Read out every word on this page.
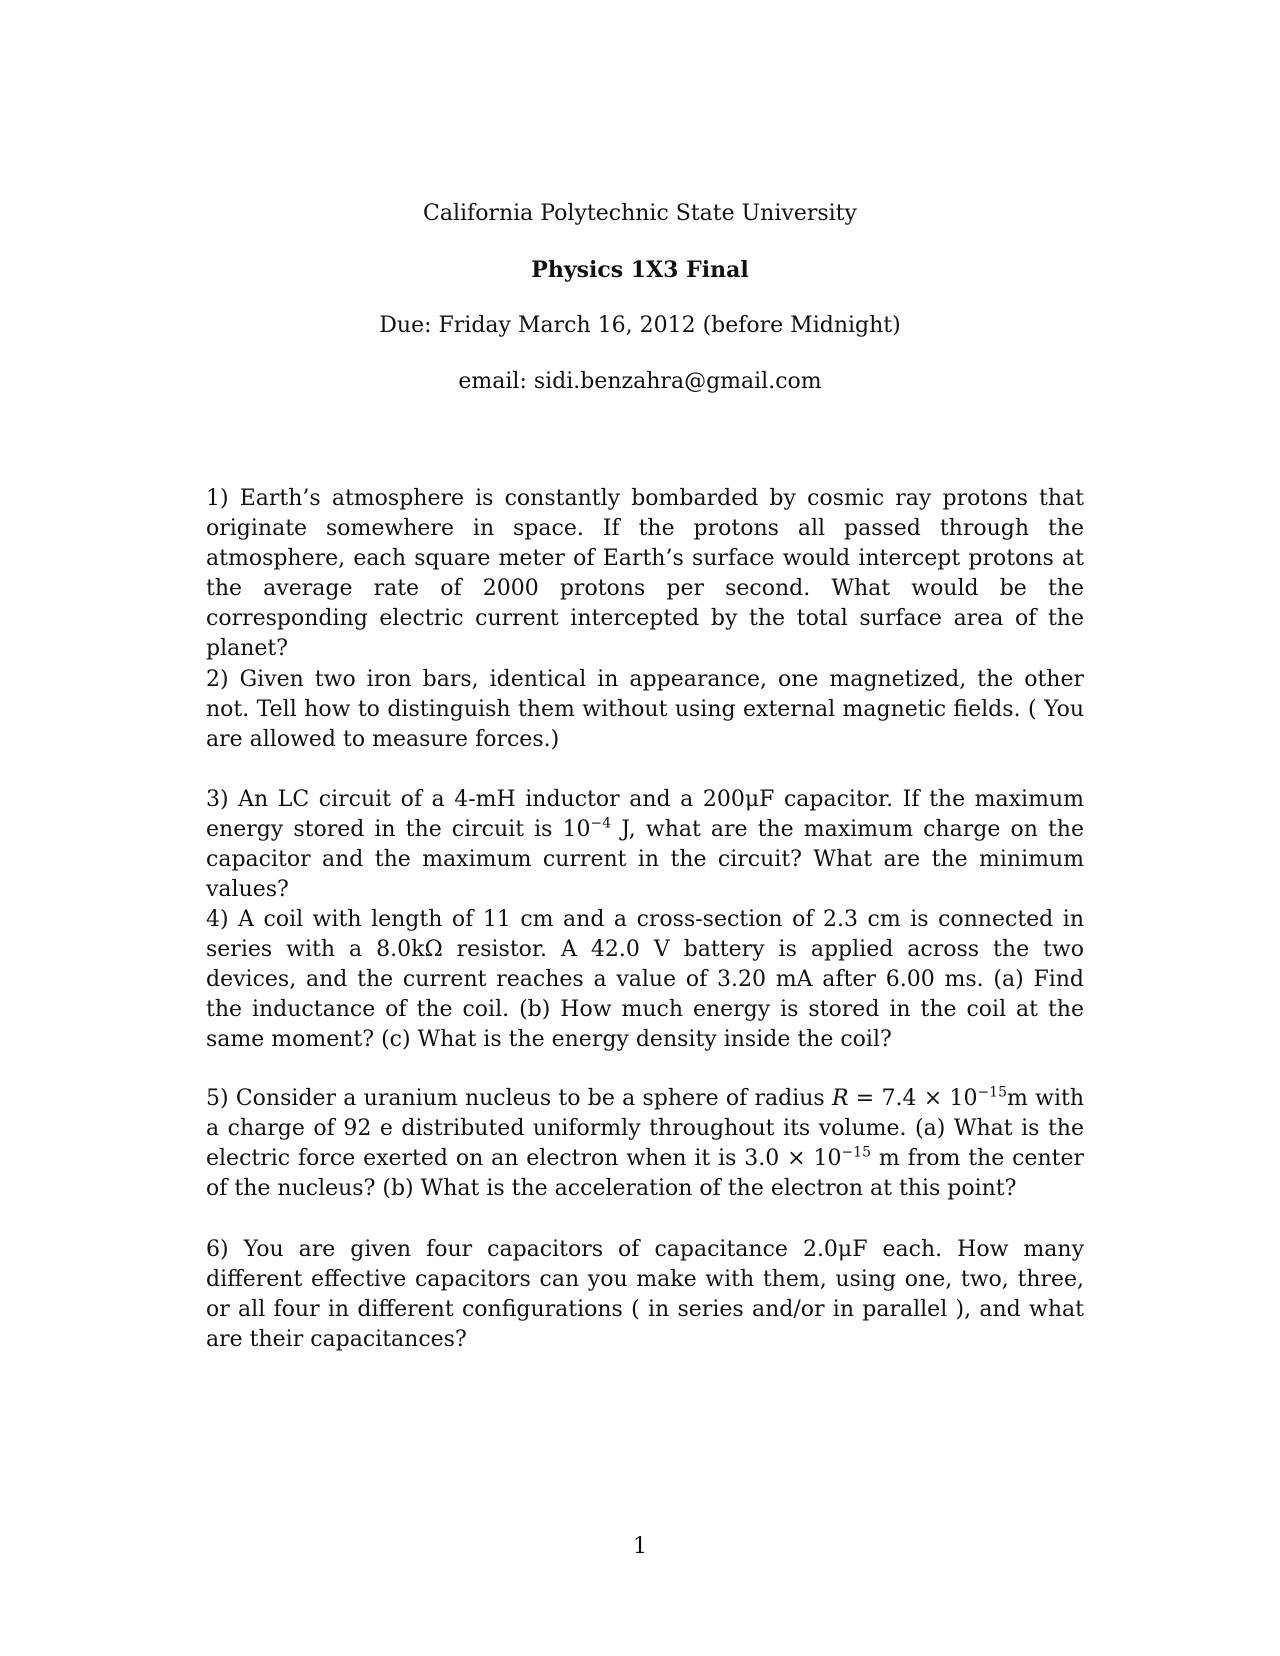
California Polytechnic State University
Physics 1X3 Final
Due: Friday March 16, 2012 (before Midnight)
email: sidi.benzahra@gmail.com
1) Earth’s atmosphere is constantly bombarded by cosmic ray protons that originate somewhere in space. If the protons all passed through the atmosphere, each square meter of Earth’s surface would intercept protons at the average rate of 2000 protons per second. What would be the corresponding electric current intercepted by the total surface area of the planet?
2) Given two iron bars, identical in appearance, one magnetized, the other not. Tell how to distinguish them without using external magnetic fields. ( You are allowed to measure forces.)
3) An LC circuit of a 4-mH inductor and a 200μF capacitor. If the maximum energy stored in the circuit is $10^{-4}$ J, what are the maximum charge on the capacitor and the maximum current in the circuit? What are the minimum values?
4) A coil with length of 11 cm and a cross-section of 2.3 cm is connected in series with a 8.0kΩ resistor. A 42.0 V battery is applied across the two devices, and the current reaches a value of 3.20 mA after 6.00 ms. (a) Find the inductance of the coil. (b) How much energy is stored in the coil at the same moment? (c) What is the energy density inside the coil?
5) Consider a uranium nucleus to be a sphere of radius $R = 7.4 \times 10^{-15}m$ with a charge of 92 e distributed uniformly throughout its volume. (a) What is the electric force exerted on an electron when it is $3.0 \times 10^{-15}$ m from the center of the nucleus? (b) What is the acceleration of the electron at this point?
6) You are given four capacitors of capacitance 2.0μF each. How many different effective capacitors can you make with them, using one, two, three, or all four in different configurations ( in series and/or in parallel ), and what are their capacitances?
1
